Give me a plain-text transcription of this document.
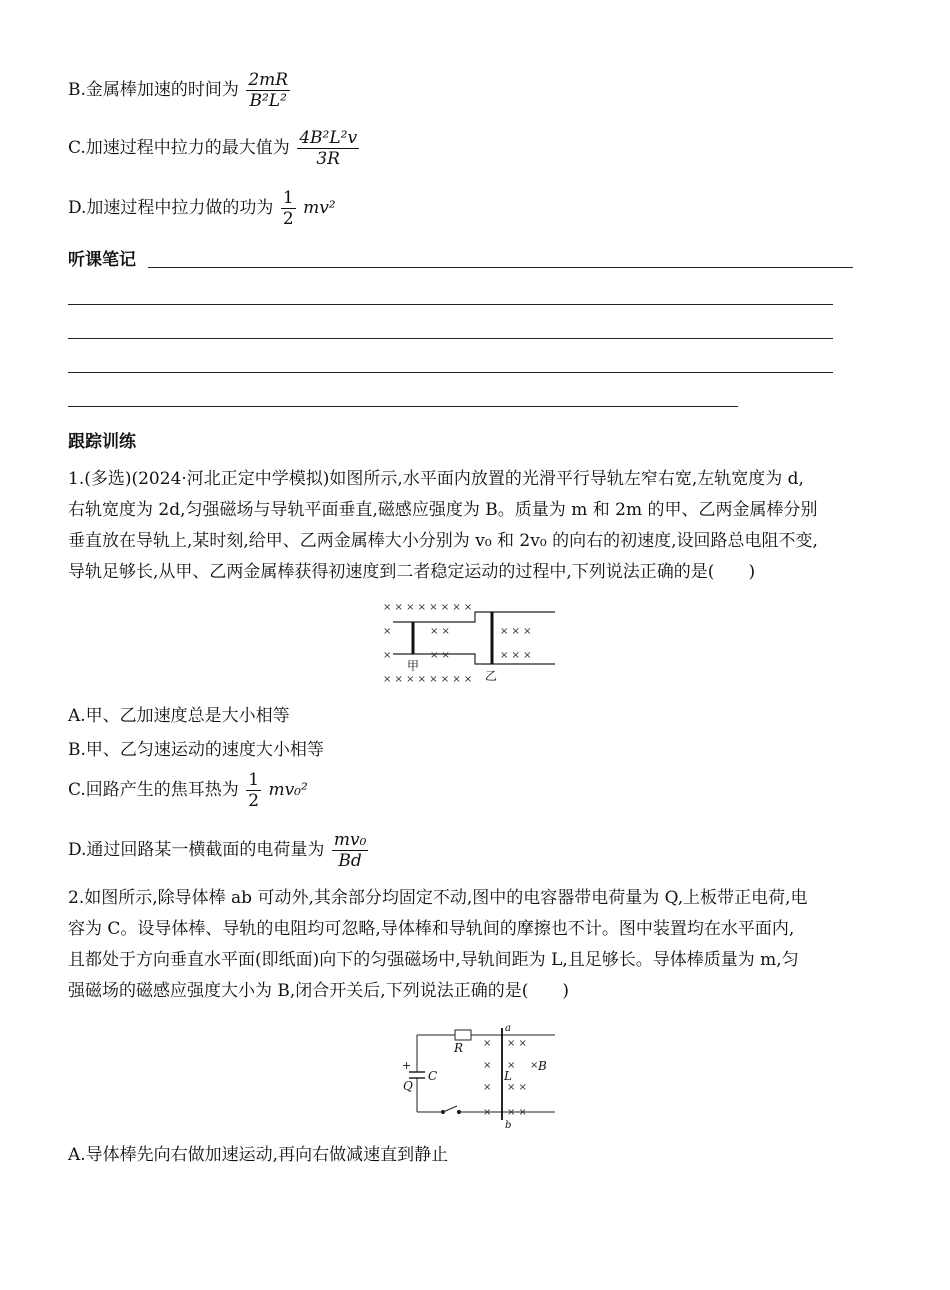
B.金属棒加速的时间为 $\frac{2mR}{\text{B²L²}}$
C.加速过程中拉力的最大值为 $\frac{\text{4B²L²v}}{3R}$
D.加速过程中拉力做的功为 $\frac{1}{2} mv^2$
听课笔记
跟踪训练
1.(多选)(2024·河北正定中学模拟)如图所示,水平面内放置的光滑平行导轨左窄右宽,左轨宽度为 d,
右轨宽度为 2d,匀强磁场与导轨平面垂直,磁感应强度为 B。质量为 m 和 2m 的甲、乙两金属棒分别
垂直放在导轨上,某时刻,给甲、乙两金属棒大小分别为 v₀ 和 2v₀ 的向右的初速度,设回路总电阻不变,
导轨足够长,从甲、乙两金属棒获得初速度到二者稳定运动的过程中,下列说法正确的是(　　)
× × × × × × × ×
×	× ×	× × ×
×	× ×	× × ×
× × × × × × × ×
甲
乙
A.甲、乙加速度总是大小相等
B.甲、乙匀速运动的速度大小相等
C.回路产生的焦耳热为 $\frac{1}{2} mv_0^2$
D.通过回路某一横截面的电荷量为 $\frac{\text{mv₀}}{Bd}$
2.如图所示,除导体棒 ab 可动外,其余部分均固定不动,图中的电容器带电荷量为 Q,上板带正电荷,电
容为 C。设导体棒、导轨的电阻均可忽略,导体棒和导轨间的摩擦也不计。图中装置均在水平面内,
且都处于方向垂直水平面(即纸面)向下的匀强磁场中,导轨间距为 L,且足够长。导体棒质量为 m,匀
强磁场的磁感应强度大小为 B,闭合开关后,下列说法正确的是(　　)
× × ×
× × ×
× × ×
× × ×
R
C
Q
a
b
L
B
+
A.导体棒先向右做加速运动,再向右做减速直到静止
